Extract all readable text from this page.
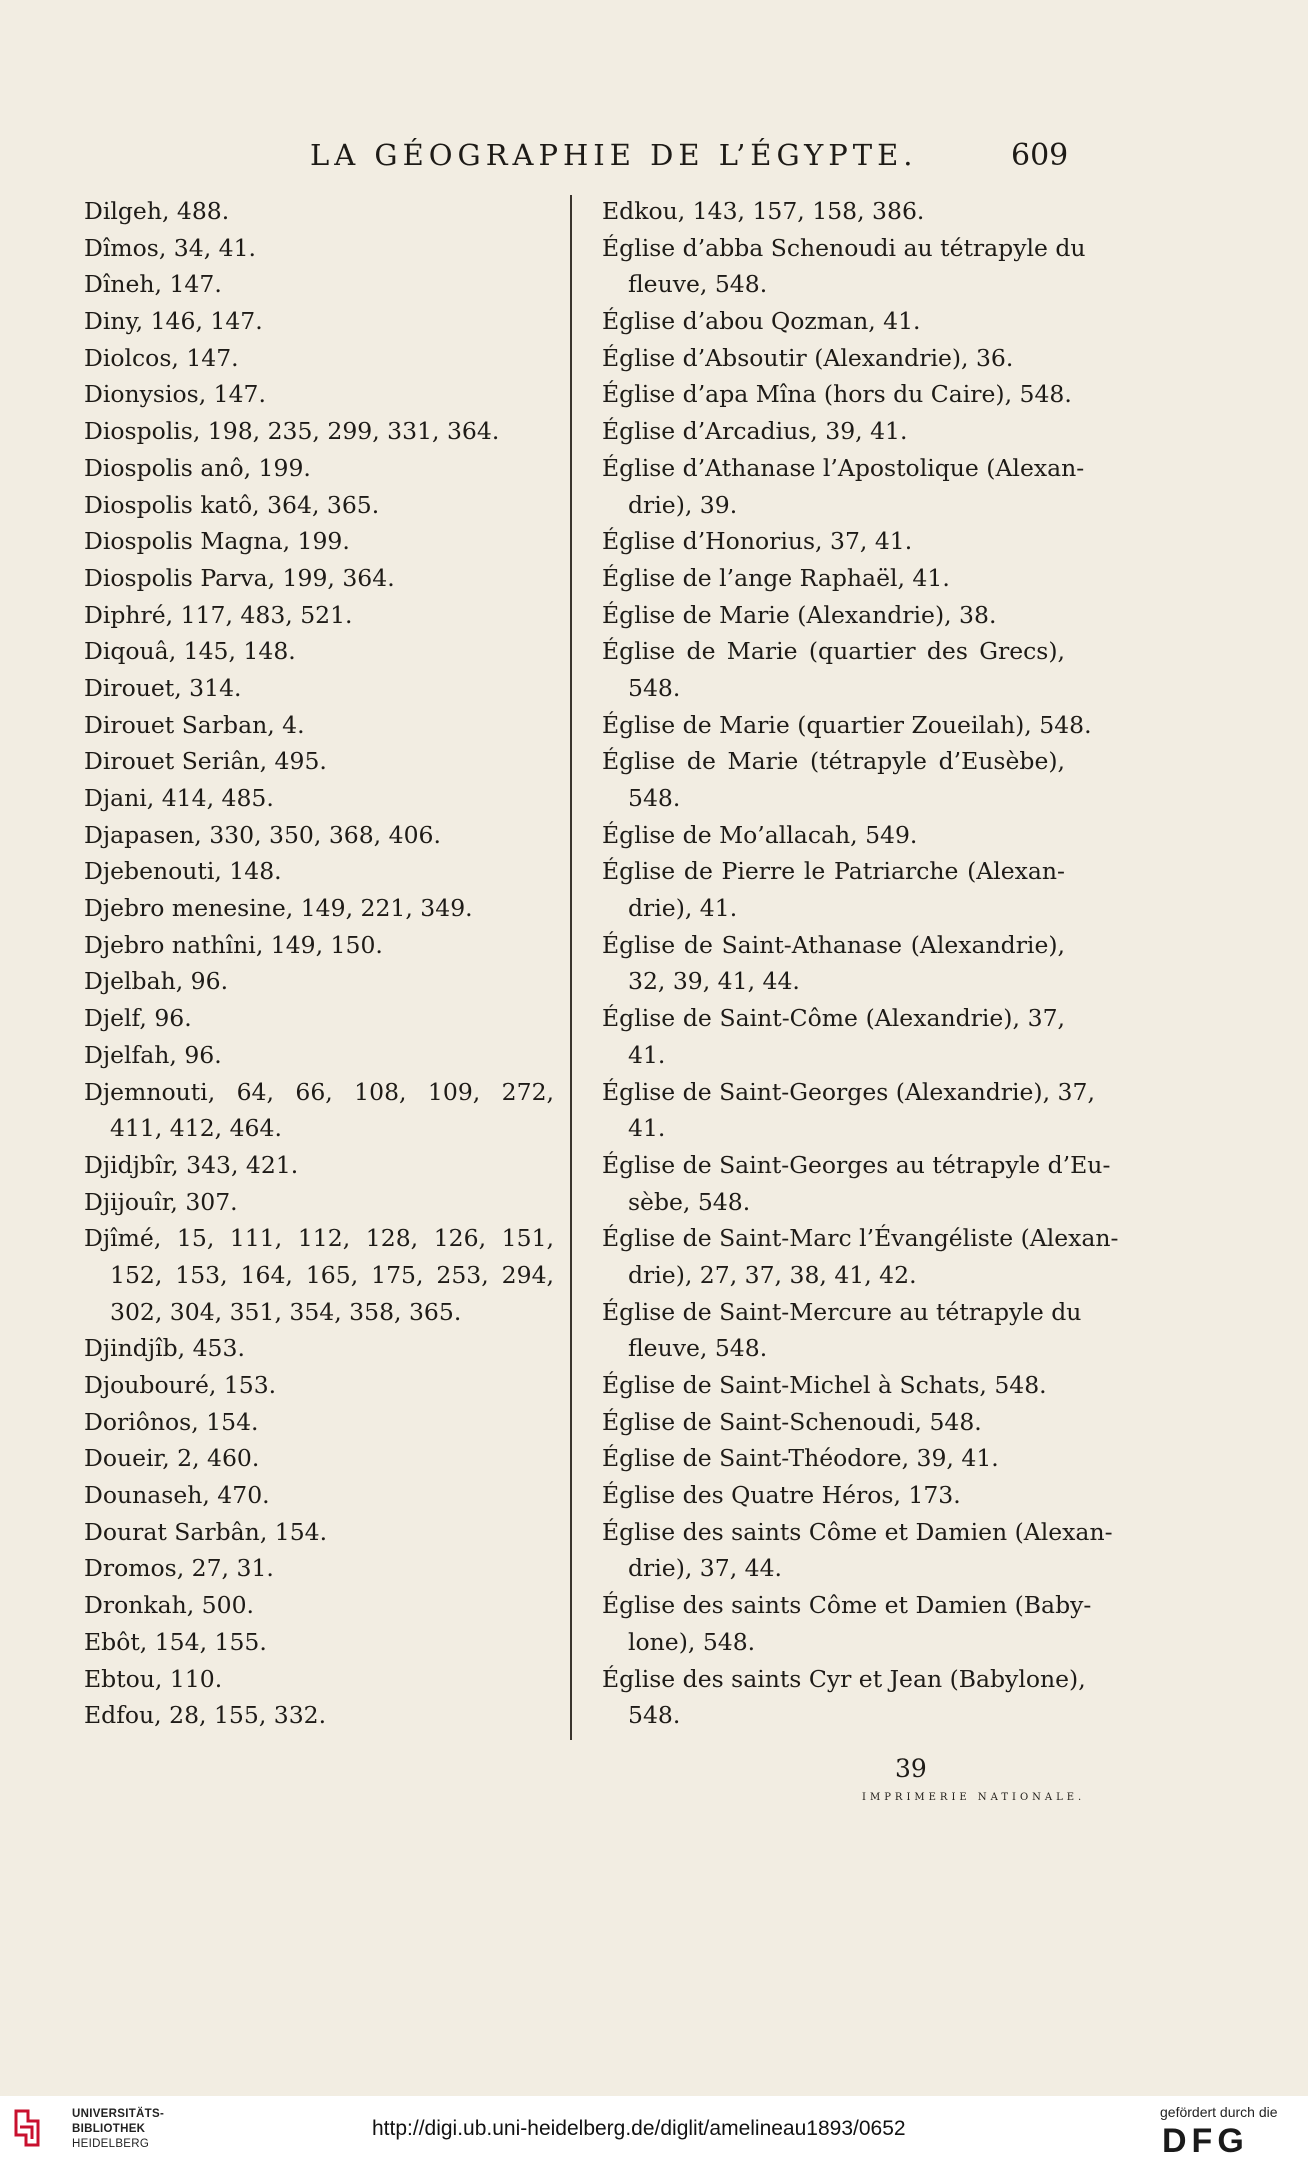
LA GÉOGRAPHIE DE L’ÉGYPTE.	609
Dilgeh, 488.
Dîmos, 34, 41.
Dîneh, 147.
Diny, 146, 147.
Diolcos, 147.
Dionysios, 147.
Diospolis, 198, 235, 299, 331, 364.
Diospolis anô, 199.
Diospolis katô, 364, 365.
Diospolis Magna, 199.
Diospolis Parva, 199, 364.
Diphré, 117, 483, 521.
Diqouâ, 145, 148.
Dirouet, 314.
Dirouet Sarban, 4.
Dirouet Seriân, 495.
Djani, 414, 485.
Djapasen, 330, 350, 368, 406.
Djebenouti, 148.
Djebro menesine, 149, 221, 349.
Djebro nathîni, 149, 150.
Djelbah, 96.
Djelf, 96.
Djelfah, 96.
Djemnouti, 64, 66, 108, 109, 272,
411, 412, 464.
Djidjbîr, 343, 421.
Djijouîr, 307.
Djîmé, 15, 111, 112, 128, 126, 151,
152, 153, 164, 165, 175, 253, 294,
302, 304, 351, 354, 358, 365.
Djindjîb, 453.
Djoubouré, 153.
Doriônos, 154.
Doueir, 2, 460.
Dounaseh, 470.
Dourat Sarbân, 154.
Dromos, 27, 31.
Dronkah, 500.
Ebôt, 154, 155.
Ebtou, 110.
Edfou, 28, 155, 332.
Edkou, 143, 157, 158, 386.
Église d’abba Schenoudi au tétrapyle du
fleuve, 548.
Église d’abou Qozman, 41.
Église d’Absoutir (Alexandrie), 36.
Église d’apa Mîna (hors du Caire), 548.
Église d’Arcadius, 39, 41.
Église d’Athanase l’Apostolique (Alexan-
drie), 39.
Église d’Honorius, 37, 41.
Église de l’ange Raphaël, 41.
Église de Marie (Alexandrie), 38.
Église de Marie (quartier des Grecs),
548.
Église de Marie (quartier Zoueilah), 548.
Église de Marie (tétrapyle d’Eusèbe),
548.
Église de Mo’allacah, 549.
Église de Pierre le Patriarche (Alexan-
drie), 41.
Église de Saint-Athanase (Alexandrie),
32, 39, 41, 44.
Église de Saint-Côme (Alexandrie), 37,
41.
Église de Saint-Georges (Alexandrie), 37,
41.
Église de Saint-Georges au tétrapyle d’Eu-
sèbe, 548.
Église de Saint-Marc l’Évangéliste (Alexan-
drie), 27, 37, 38, 41, 42.
Église de Saint-Mercure au tétrapyle du
fleuve, 548.
Église de Saint-Michel à Schats, 548.
Église de Saint-Schenoudi, 548.
Église de Saint-Théodore, 39, 41.
Église des Quatre Héros, 173.
Église des saints Côme et Damien (Alexan-
drie), 37, 44.
Église des saints Côme et Damien (Baby-
lone), 548.
Église des saints Cyr et Jean (Babylone),
548.
39
IMPRIMERIE NATIONALE.
UNIVERSITÄTS-
BIBLIOTHEK
HEIDELBERG
http://digi.ub.uni-heidelberg.de/diglit/amelineau1893/0652
gefördert durch die
DFG
